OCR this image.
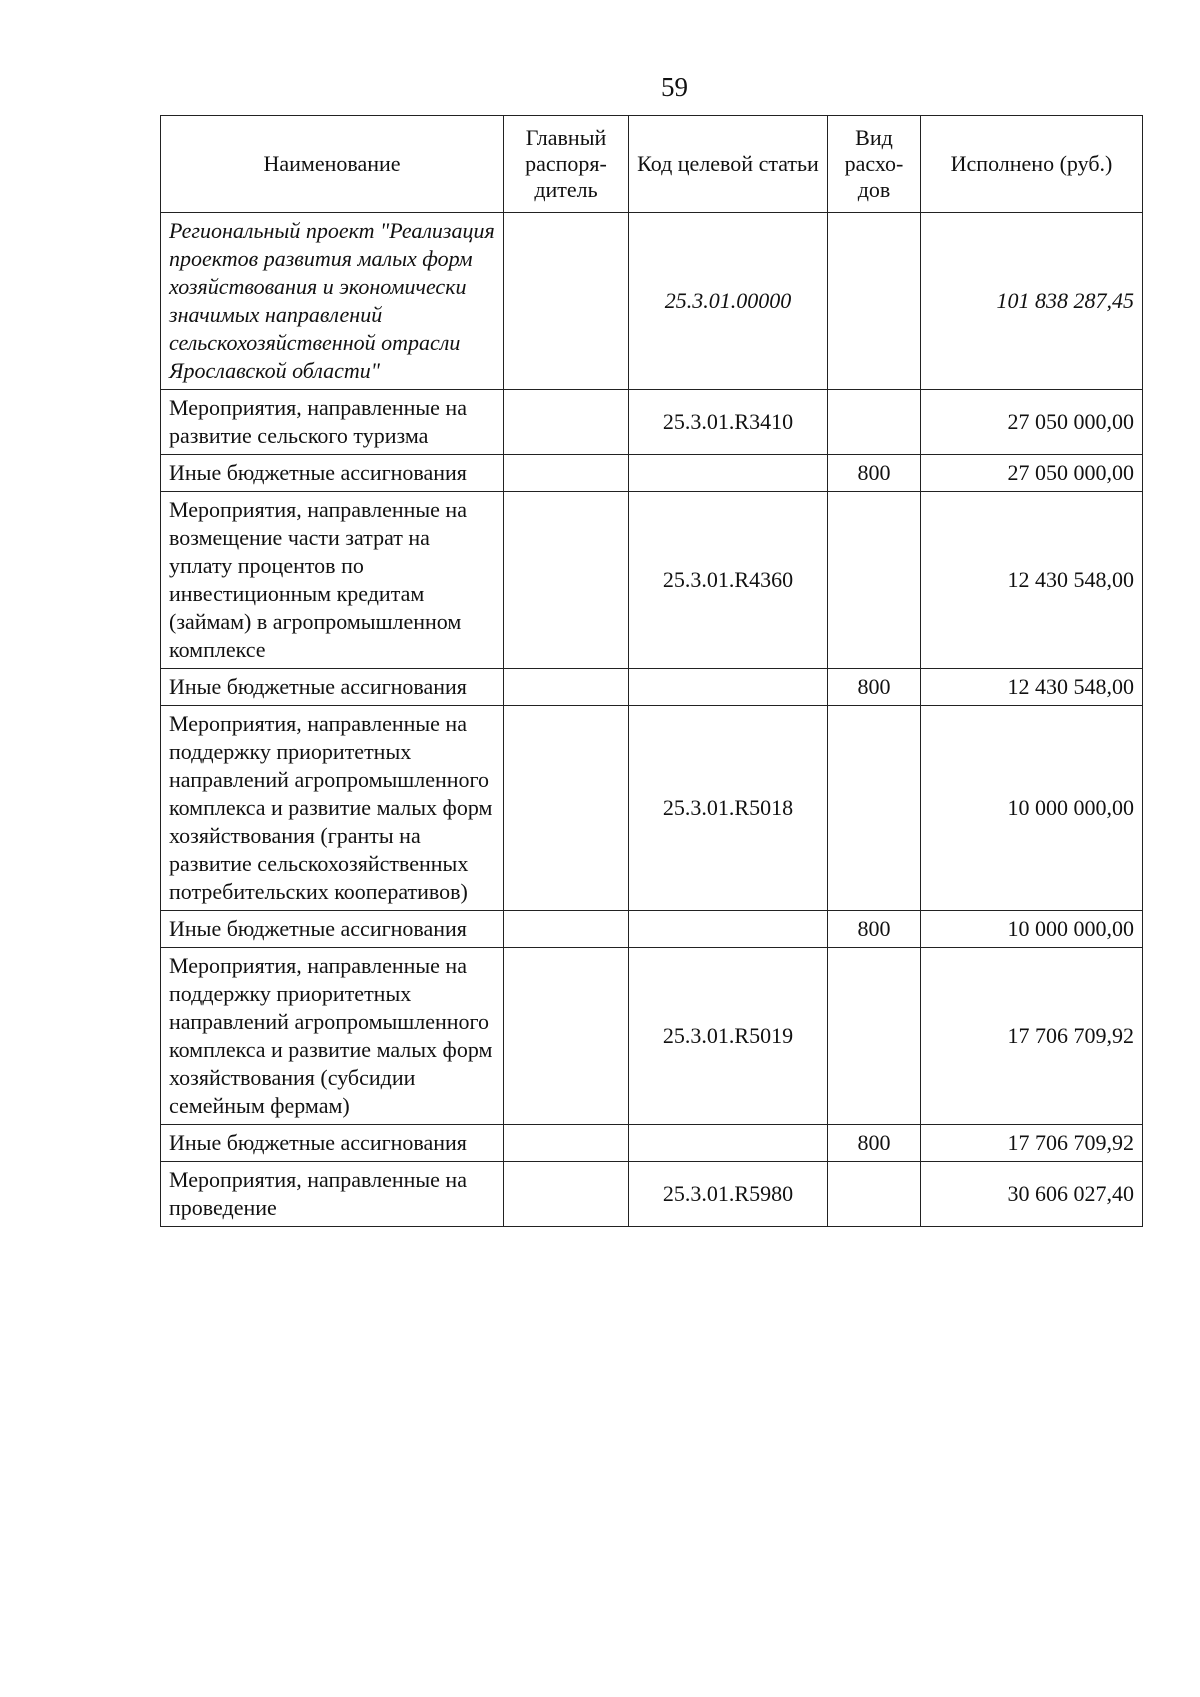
59
Наименование	Главный распоря-дитель	Код целевой статьи	Вид расхо-дов	Исполнено (руб.)
Региональный проект "Реализация проектов развития малых форм хозяйствования и экономически значимых направлений сельскохозяйственной отрасли Ярославской области"		25.3.01.00000		101 838 287,45
Мероприятия, направленные на развитие сельского туризма		25.3.01.R3410		27 050 000,00
Иные бюджетные ассигнования			800	27 050 000,00
Мероприятия, направленные на возмещение части затрат на уплату процентов по инвестиционным кредитам (займам) в агропромышленном комплексе		25.3.01.R4360		12 430 548,00
Иные бюджетные ассигнования			800	12 430 548,00
Мероприятия, направленные на поддержку приоритетных направлений агропромышленного комплекса и развитие малых форм хозяйствования (гранты на развитие сельскохозяйственных потребительских кооперативов)		25.3.01.R5018		10 000 000,00
Иные бюджетные ассигнования			800	10 000 000,00
Мероприятия, направленные на поддержку приоритетных направлений агропромышленного комплекса и развитие малых форм хозяйствования (субсидии семейным фермам)		25.3.01.R5019		17 706 709,92
Иные бюджетные ассигнования			800	17 706 709,92
Мероприятия, направленные на проведение		25.3.01.R5980		30 606 027,40
